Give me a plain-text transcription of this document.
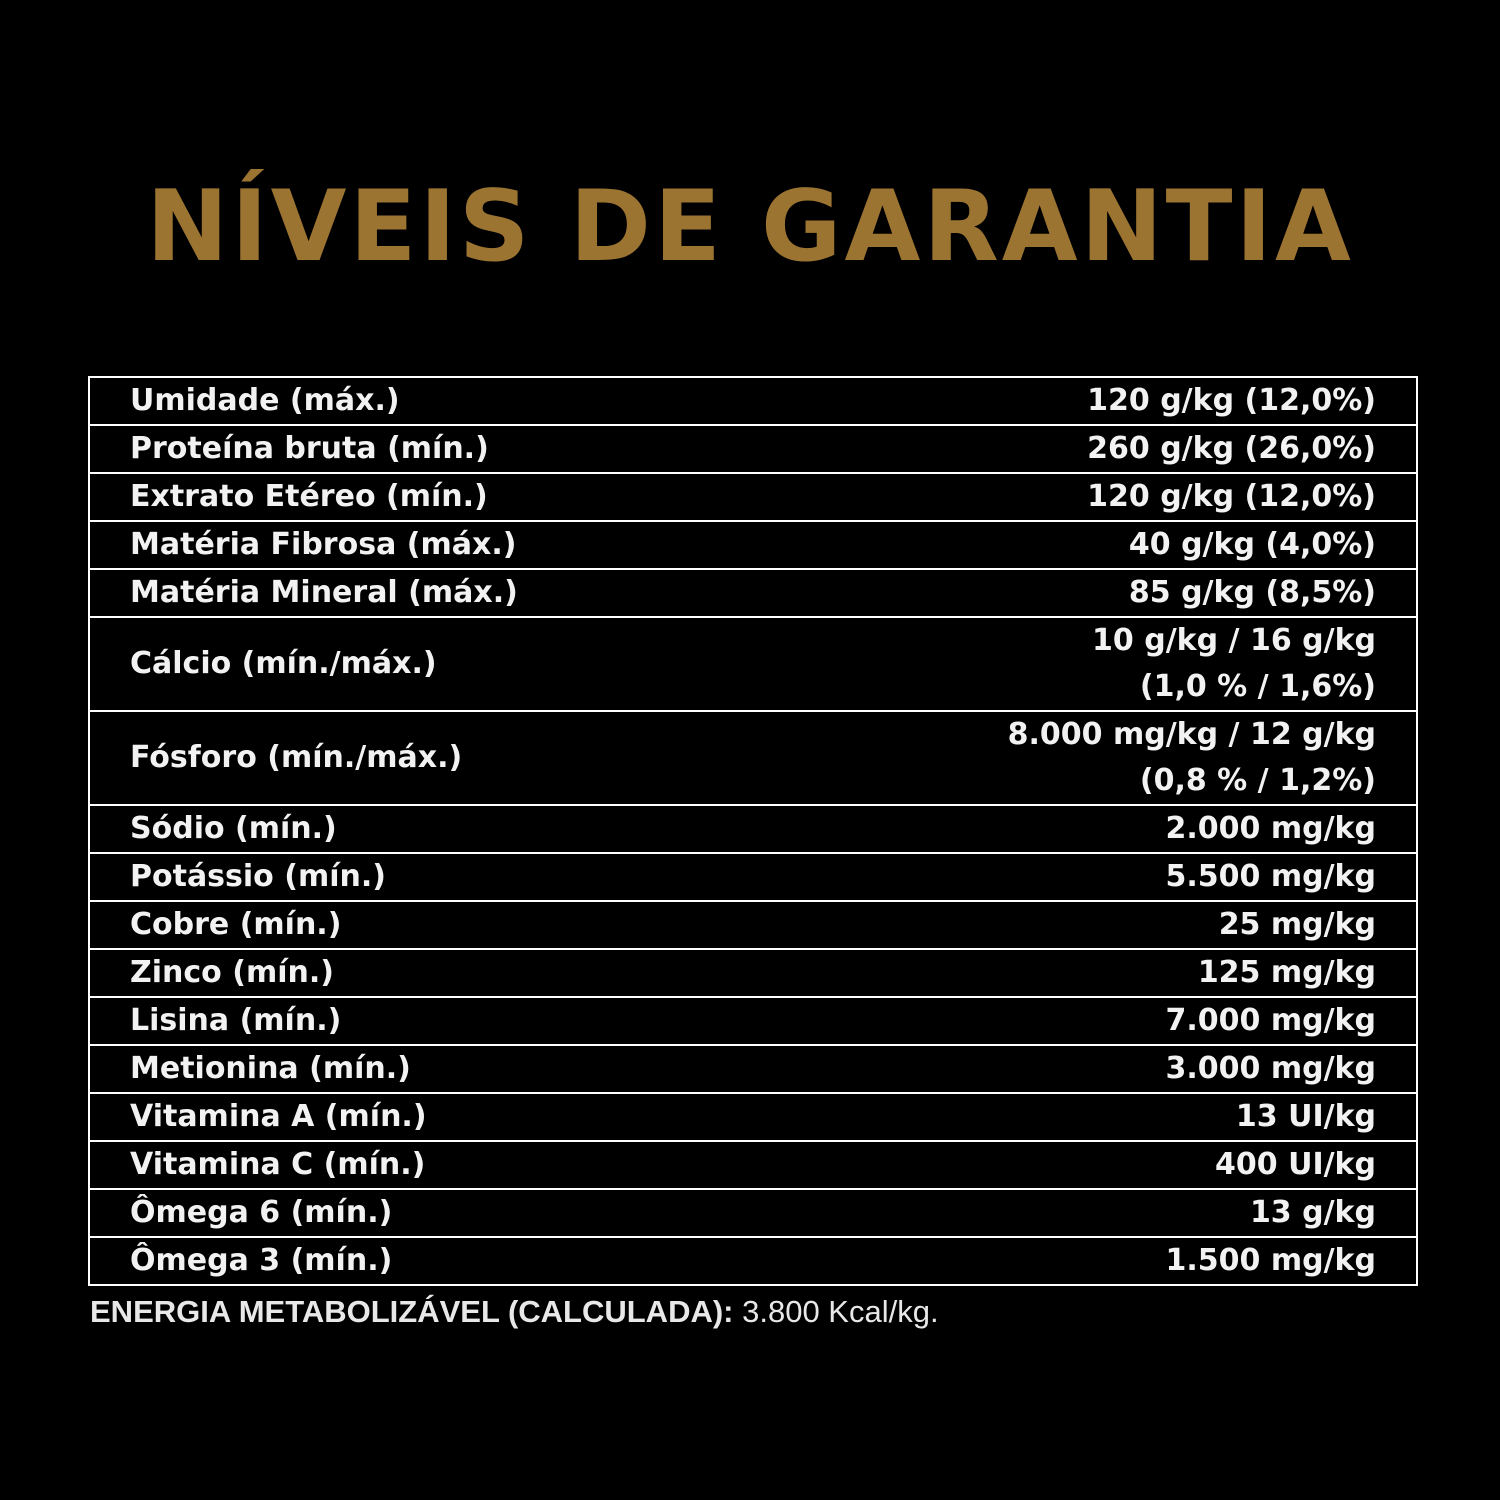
NÍVEIS DE GARANTIA
Umidade (máx.)	120 g/kg (12,0%)
Proteína bruta (mín.)	260 g/kg (26,0%)
Extrato Etéreo (mín.)	120 g/kg (12,0%)
Matéria Fibrosa (máx.)	40 g/kg (4,0%)
Matéria Mineral (máx.)	85 g/kg (8,5%)
Cálcio (mín./máx.)	10 g/kg / 16 g/kg
(1,0 % / 1,6%)

Fósforo (mín./máx.)	8.000 mg/kg / 12 g/kg
(0,8 % / 1,2%)

Sódio (mín.)	2.000 mg/kg
Potássio (mín.)	5.500 mg/kg
Cobre (mín.)	25 mg/kg
Zinco (mín.)	125 mg/kg
Lisina (mín.)	7.000 mg/kg
Metionina (mín.)	3.000 mg/kg
Vitamina A (mín.)	13 UI/kg
Vitamina C (mín.)	400 UI/kg
Ômega 6 (mín.)	13 g/kg
Ômega 3 (mín.)	1.500 mg/kg
ENERGIA METABOLIZÁVEL (CALCULADA): 3.800 Kcal/kg.
